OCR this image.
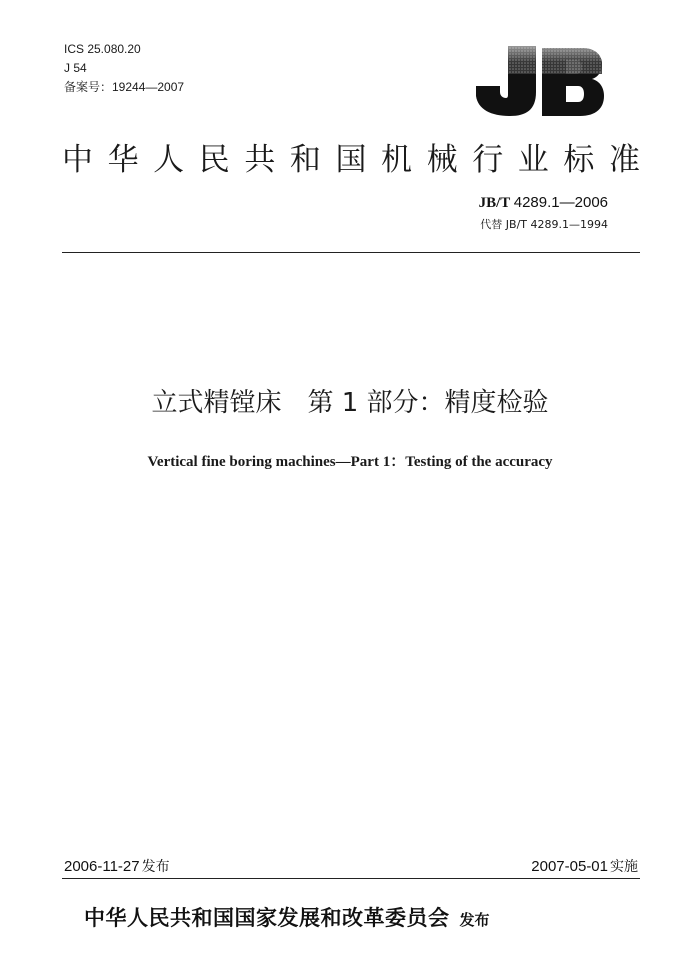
ICS 25.080.20
J 54
备案号：19244—2007
中 华 人 民 共 和 国 机 械 行 业 标 准
JB/T 4289.1—2006
代替 JB/T 4289.1—1994
立式精镗床　第 1 部分：精度检验
Vertical fine boring machines—Part 1：Testing of the accuracy
2006-11-27 发布	2007-05-01 实施
中华人民共和国国家发展和改革委员会 发布
